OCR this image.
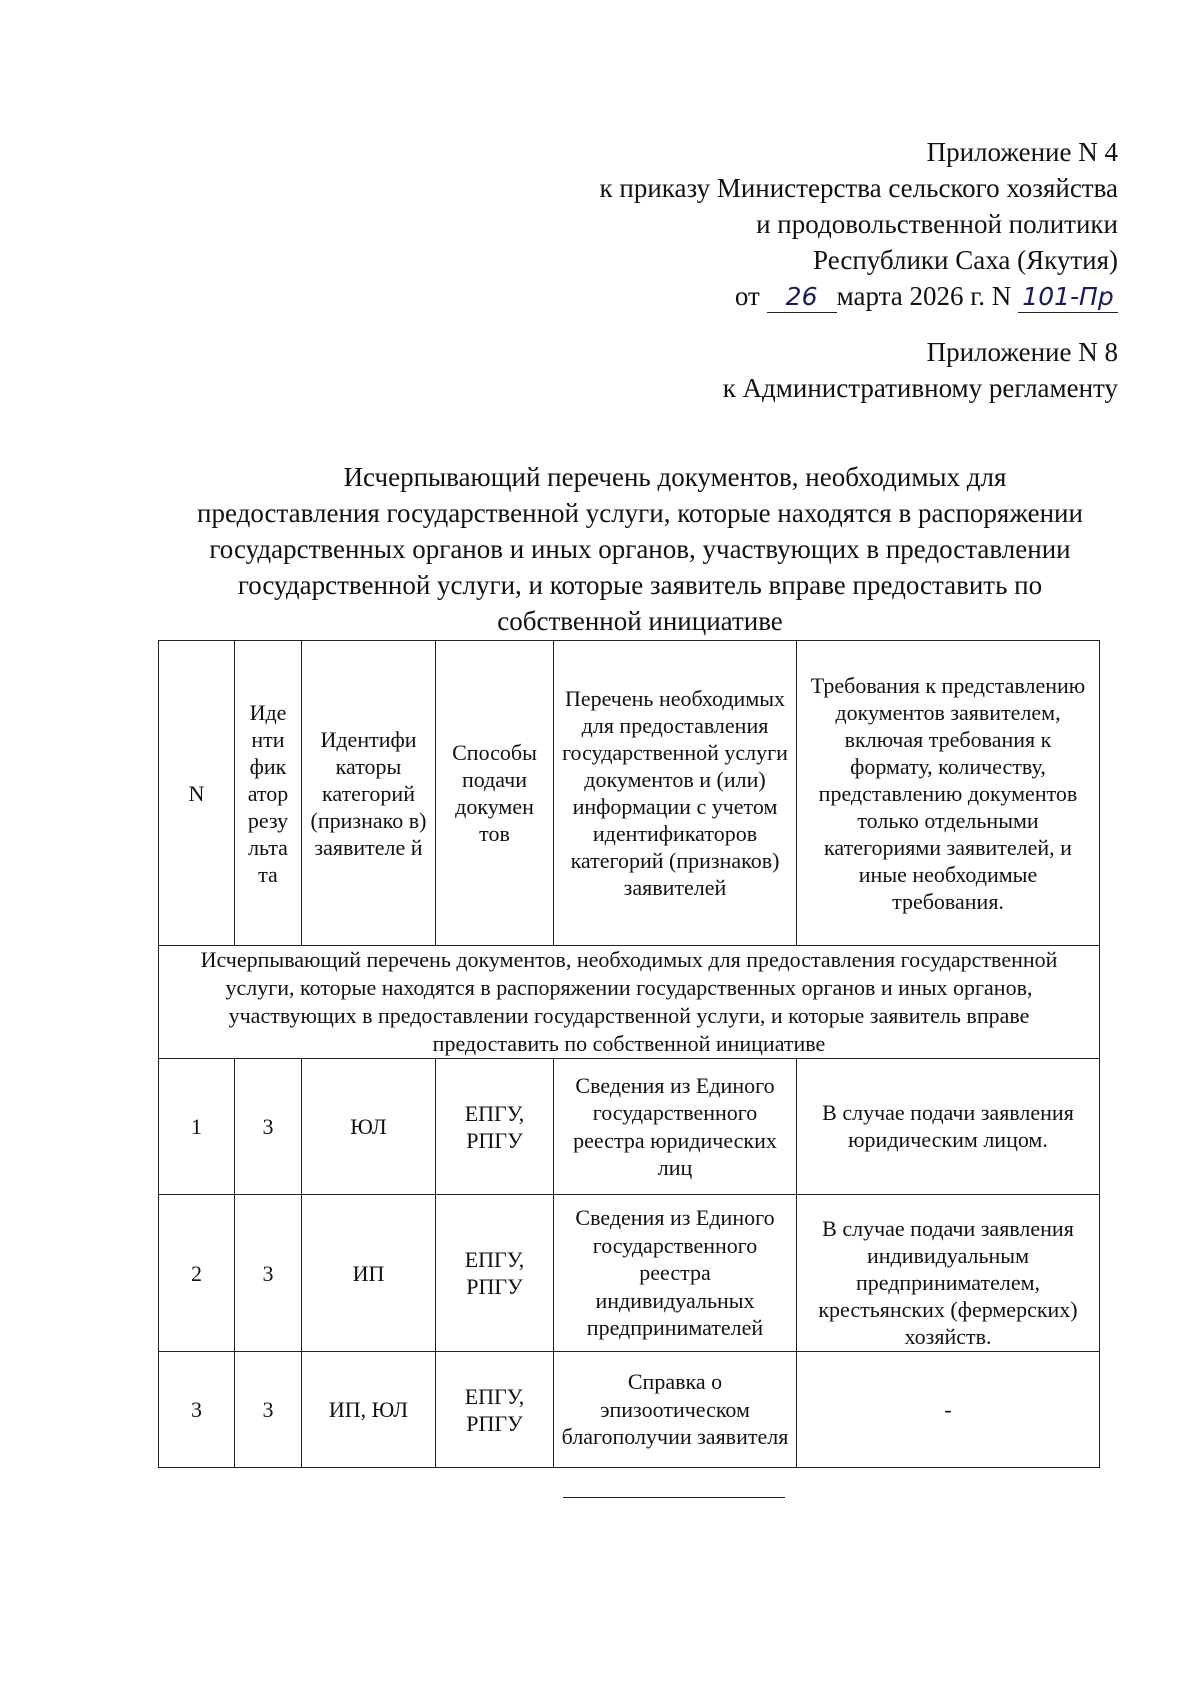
Приложение N 4
к приказу Министерства сельского хозяйства
и продовольственной политики
Республики Саха (Якутия)
от 26 марта 2026 г. N 101-Пр
Приложение N 8
к Административному регламенту
Исчерпывающий перечень документов, необходимых для
предоставления государственной услуги, которые находятся в распоряжении
государственных органов и иных органов, участвующих в предоставлении
государственной услуги, и которые заявитель вправе предоставить по
собственной инициативе
N	Иде нти фик атор резу льта та	Идентифи каторы категорий (признако в) заявителе й	Способы подачи докумен тов	Перечень необходимых для предоставления государственной услуги документов и (или) информации с учетом идентификаторов категорий (признаков) заявителей	Требования к представлению документов заявителем, включая требования к формату, количеству, представлению документов только отдельными категориями заявителей, и иные необходимые требования.
Исчерпывающий перечень документов, необходимых для предоставления государственной услуги, которые находятся в распоряжении государственных органов и иных органов, участвующих в предоставлении государственной услуги, и которые заявитель вправе предоставить по собственной инициативе					
1	3	ЮЛ	ЕПГУ, РПГУ	Сведения из Единого государственного реестра юридических лиц	В случае подачи заявления юридическим лицом.
2	3	ИП	ЕПГУ, РПГУ	Сведения из Единого государственного реестра индивидуальных предпринимателей	В случае подачи заявления индивидуальным предпринимателем, крестьянских (фермерских) хозяйств.
3	3	ИП, ЮЛ	ЕПГУ, РПГУ	Справка о эпизоотическом благополучии заявителя	-
